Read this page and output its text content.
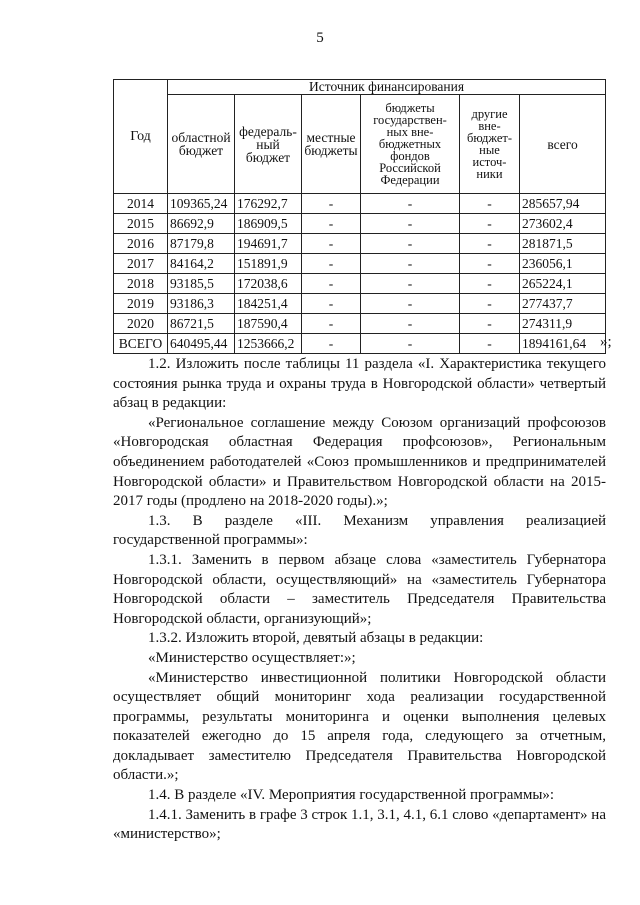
5
Год	Источник финансирования					
	областной бюджет	федераль-ный бюджет	местные бюджеты	бюджеты государствен-ных вне-бюджетных фондов Российской Федерации	другие вне-бюджет-ные источ-ники	всего
2014	109365,24	176292,7	-	-	-	285657,94
2015	86692,9	186909,5	-	-	-	273602,4
2016	87179,8	194691,7	-	-	-	281871,5
2017	84164,2	151891,9	-	-	-	236056,1
2018	93185,5	172038,6	-	-	-	265224,1
2019	93186,3	184251,4	-	-	-	277437,7
2020	86721,5	187590,4	-	-	-	274311,9
ВСЕГО	640495,44	1253666,2	-	-	-	1894161,64 »;

1.2. Изложить после таблицы 11 раздела «I. Характеристика текущего состояния рынка труда и охраны труда в Новгородской области» четвертый абзац в редакции:

«Региональное соглашение между Союзом организаций профсоюзов «Новгородская областная Федерация профсоюзов», Региональным объединением работодателей «Союз промышленников и предпринимателей Новгородской области» и Правительством Новгородской области на 2015-2017 годы (продлено на 2018-2020 годы).»;

1.3. В разделе «III. Механизм управления реализацией государственной программы»:

1.3.1. Заменить в первом абзаце слова «заместитель Губернатора Новгородской области, осуществляющий» на «заместитель Губернатора Новгородской области – заместитель Председателя Правительства Новгородской области, организующий»;

1.3.2. Изложить второй, девятый абзацы в редакции:

«Министерство осуществляет:»;

«Министерство инвестиционной политики Новгородской области осуществляет общий мониторинг хода реализации государственной программы, результаты мониторинга и оценки выполнения целевых показателей ежегодно до 15 апреля года, следующего за отчетным, докладывает заместителю Председателя Правительства Новгородской области.»;

1.4. В разделе «IV. Мероприятия государственной программы»:

1.4.1. Заменить в графе 3 строк 1.1, 3.1, 4.1, 6.1 слово «департамент» на «министерство»;
